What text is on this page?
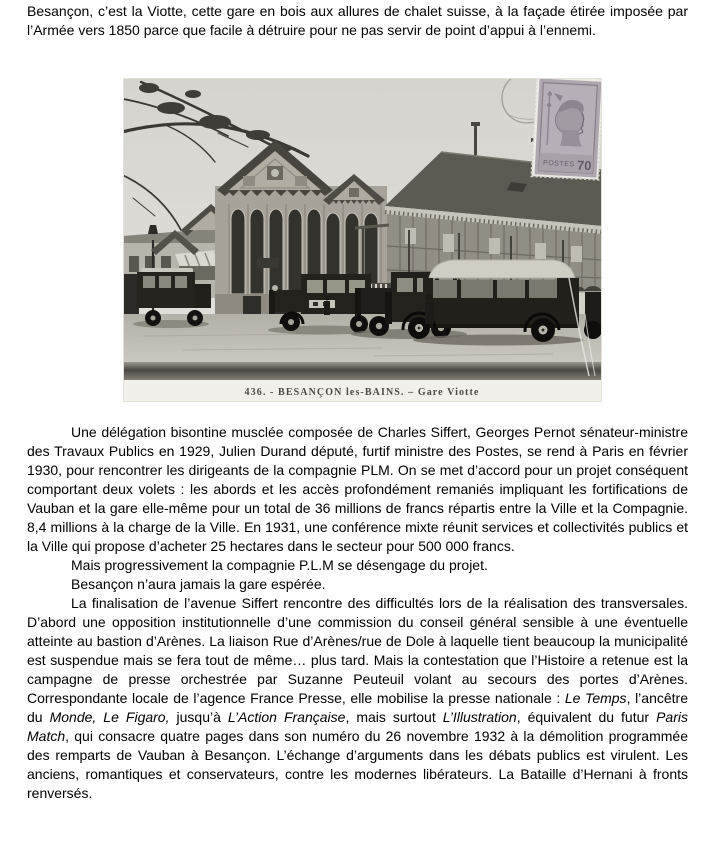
Besançon, c’est la Viotte, cette gare en bois aux allures de chalet suisse, à la façade étirée imposée par l’Armée vers 1850 parce que facile à détruire pour ne pas servir de point d’appui à l’ennemi.

POSTES 70
436. - BESANÇON les-BAINS. – Gare Viotte

Une délégation bisontine musclée composée de Charles Siffert, Georges Pernot sénateur-ministre des Travaux Publics en 1929, Julien Durand député, furtif ministre des Postes, se rend à Paris en février 1930, pour rencontrer les dirigeants de la compagnie PLM. On se met d’accord pour un projet conséquent comportant deux volets : les abords et les accès profondément remaniés impliquant les fortifications de Vauban et la gare elle-même pour un total de 36 millions de francs répartis entre la Ville et la Compagnie. 8,4 millions à la charge de la Ville. En 1931, une conférence mixte réunit services et collectivités publics et la Ville qui propose d’acheter 25 hectares dans le secteur pour 500 000 francs.

Mais progressivement la compagnie P.L.M se désengage du projet.

Besançon n’aura jamais la gare espérée.

La finalisation de l’avenue Siffert rencontre des difficultés lors de la réalisation des transversales. D’abord une opposition institutionnelle d’une commission du conseil général sensible à une éventuelle atteinte au bastion d’Arènes. La liaison Rue d’Arènes/rue de Dole à laquelle tient beaucoup la municipalité est suspendue mais se fera tout de même… plus tard. Mais la contestation que l’Histoire a retenue est la campagne de presse orchestrée par Suzanne Peuteuil volant au secours des portes d’Arènes. Correspondante locale de l’agence France Presse, elle mobilise la presse nationale : Le Temps, l’ancêtre du Monde, Le Figaro, jusqu’à L’Action Française, mais surtout L’Illustration, équivalent du futur Paris Match, qui consacre quatre pages dans son numéro du 26 novembre 1932 à la démolition programmée des remparts de Vauban à Besançon. L’échange d’arguments dans les débats publics est virulent. Les anciens, romantiques et conservateurs, contre les modernes libérateurs. La Bataille d’Hernani à fronts renversés.
